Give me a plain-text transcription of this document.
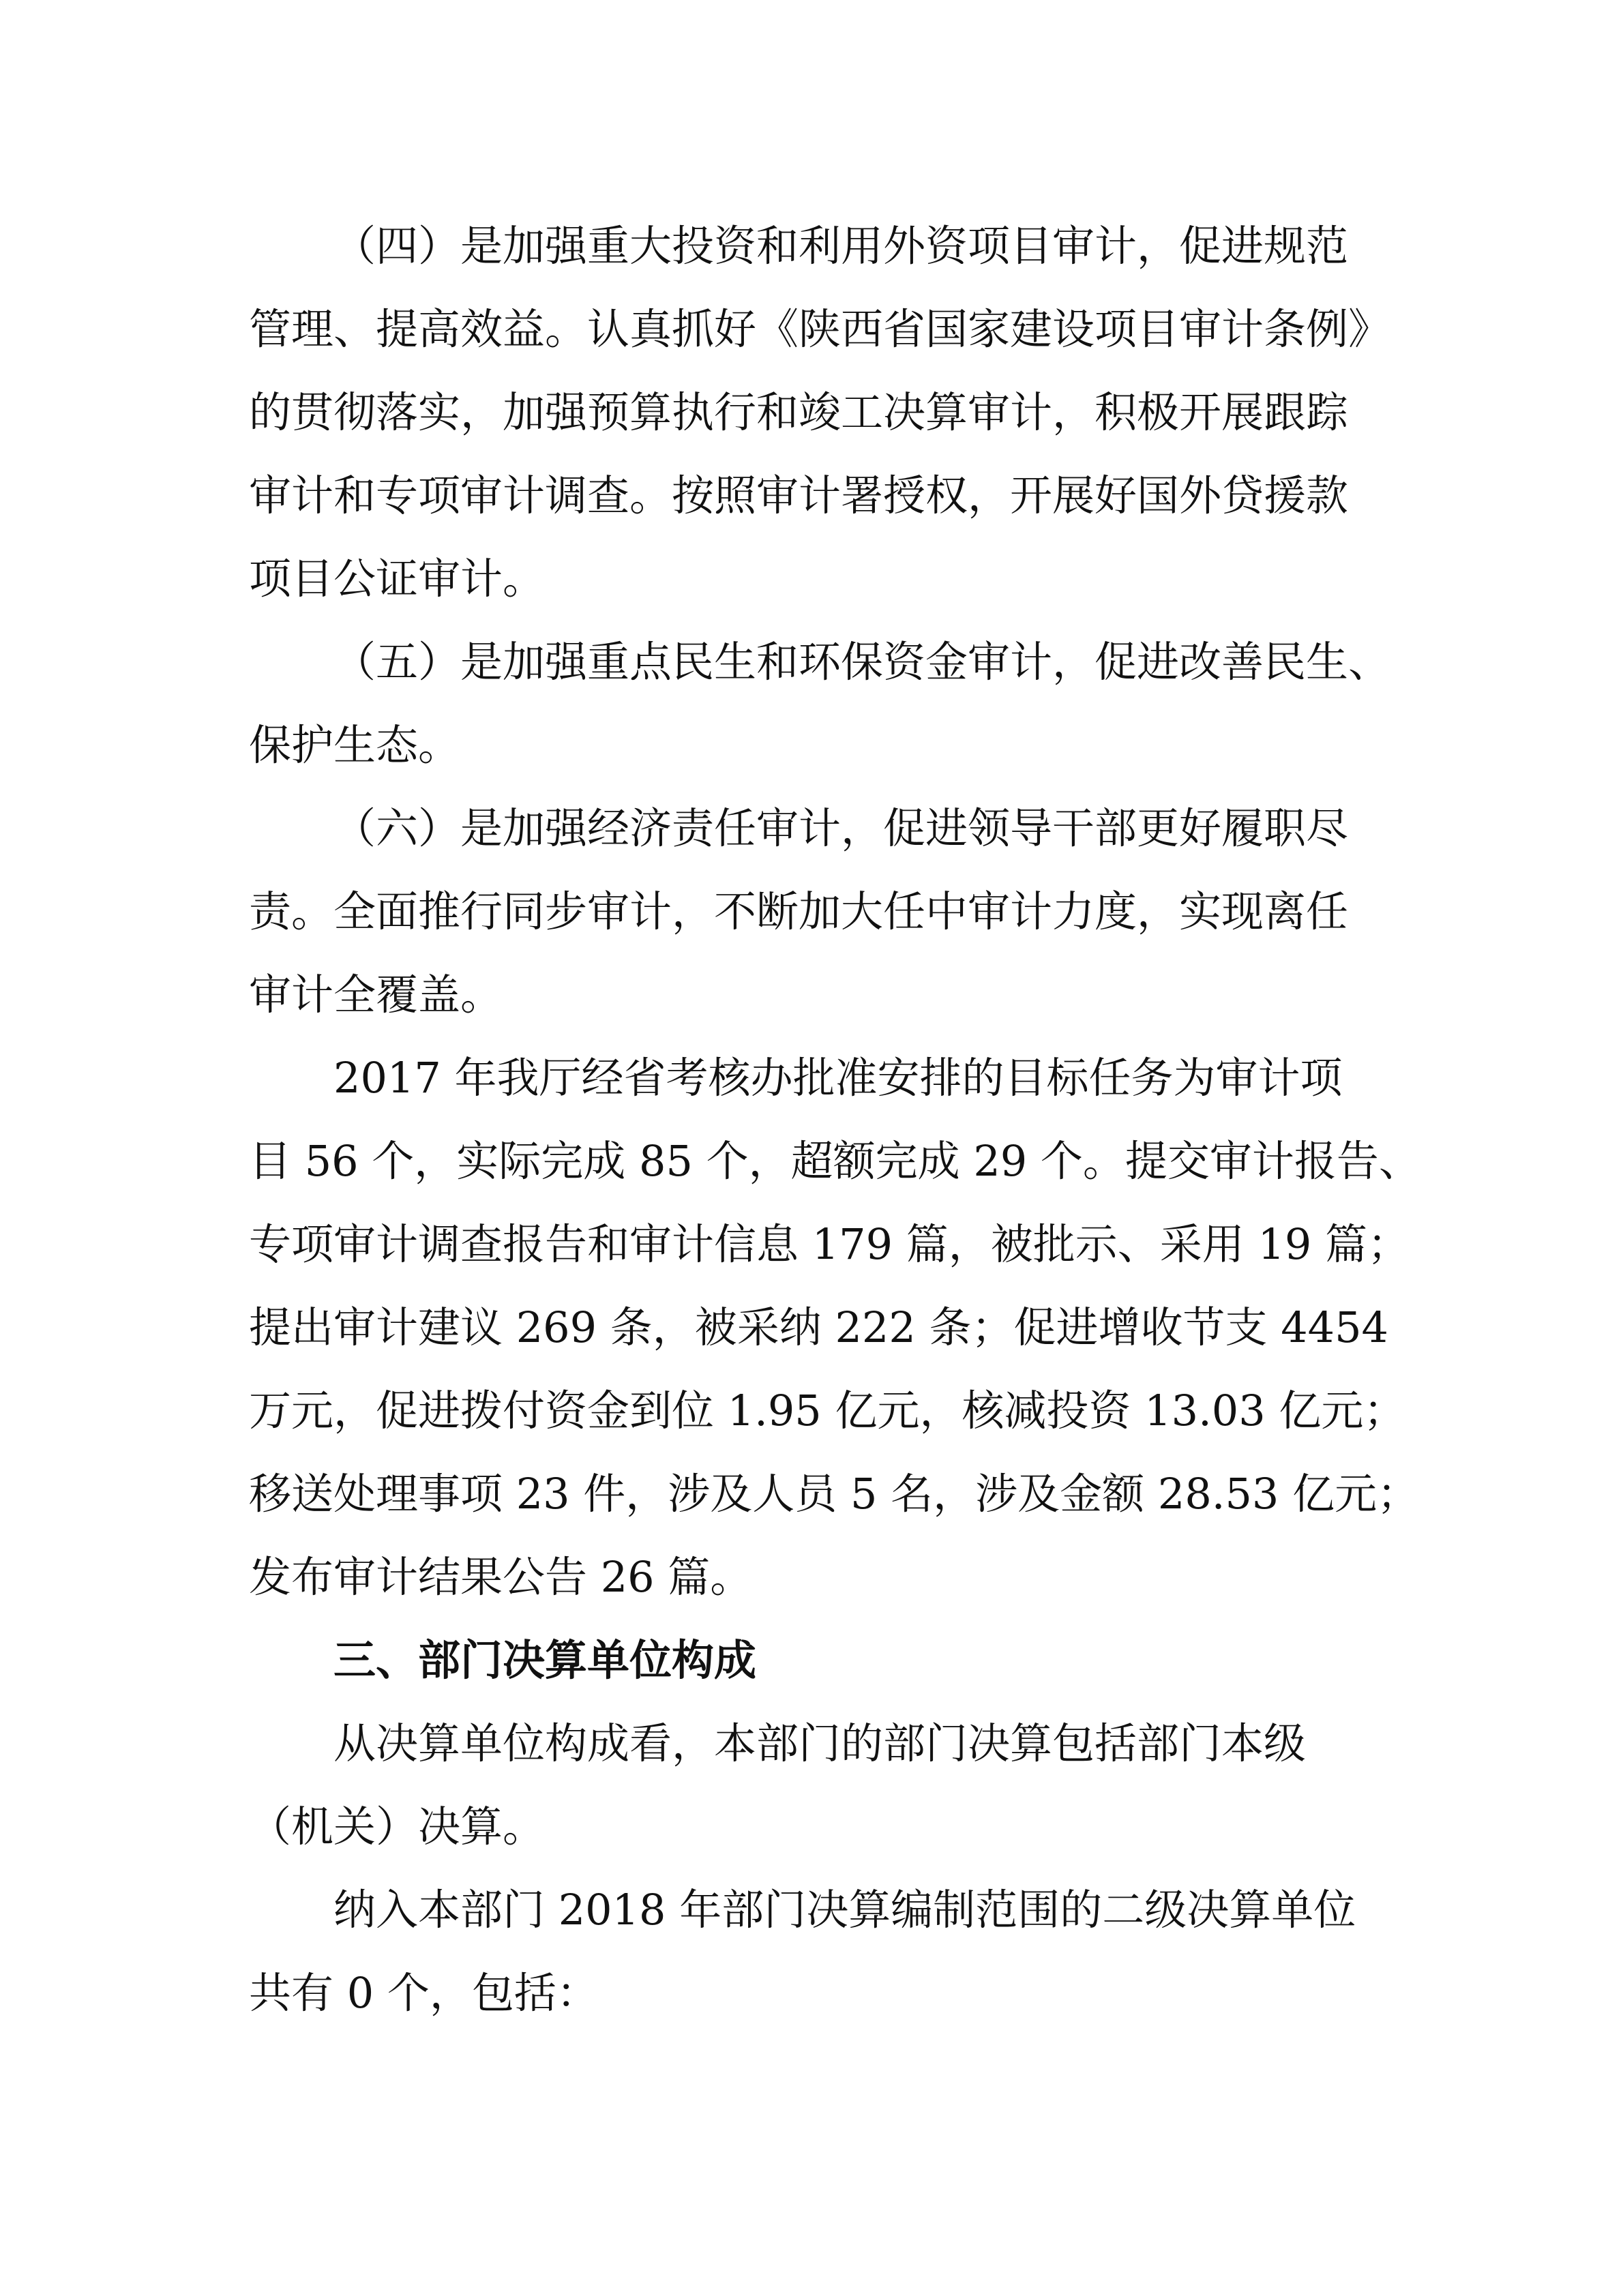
（四）是加强重大投资和利用外资项目审计，促进规范
管理、提高效益。认真抓好《陕西省国家建设项目审计条例》
的贯彻落实，加强预算执行和竣工决算审计，积极开展跟踪
审计和专项审计调查。按照审计署授权，开展好国外贷援款
项目公证审计。

（五）是加强重点民生和环保资金审计，促进改善民生、
保护生态。

（六）是加强经济责任审计，促进领导干部更好履职尽
责。全面推行同步审计，不断加大任中审计力度，实现离任
审计全覆盖。

2017 年我厅经省考核办批准安排的目标任务为审计项
目 56 个，实际完成 85 个，超额完成 29 个。提交审计报告、
专项审计调查报告和审计信息 179 篇，被批示、采用 19 篇；
提出审计建议 269 条，被采纳 222 条；促进增收节支 4454
万元，促进拨付资金到位 1.95 亿元，核减投资 13.03 亿元；
移送处理事项 23 件，涉及人员 5 名，涉及金额 28.53 亿元；
发布审计结果公告 26 篇。

三、部门决算单位构成

从决算单位构成看，本部门的部门决算包括部门本级
（机关）决算。

纳入本部门 2018 年部门决算编制范围的二级决算单位
共有 0 个，包括：
